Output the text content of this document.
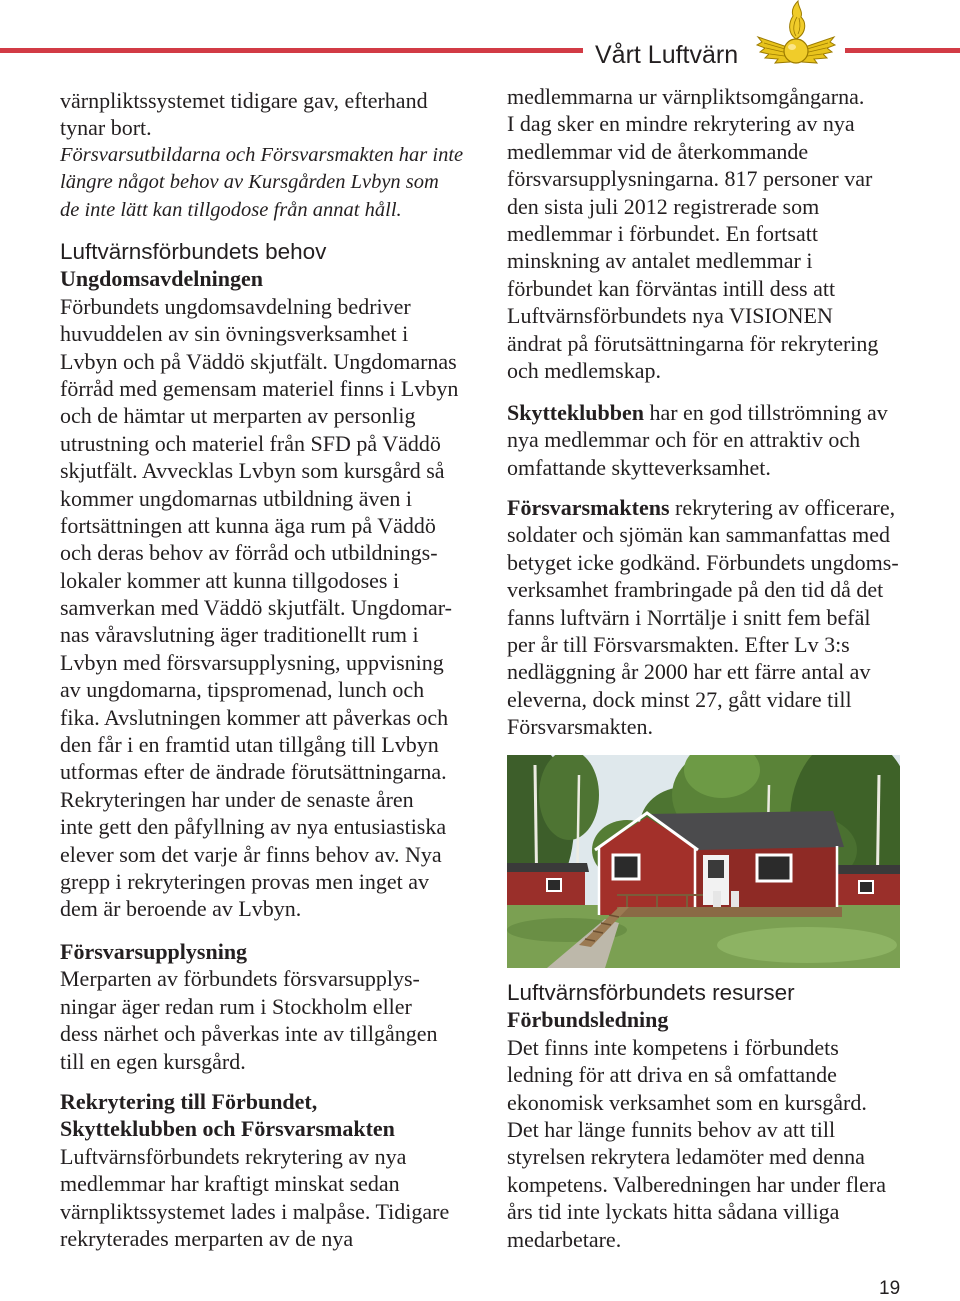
Vårt Luftvärn
värnpliktssystemet tidigare gav, efterhand
tynar bort.
Försvarsutbildarna och Försvarsmakten har inte
längre något behov av Kursgården Lvbyn som
de inte lätt kan tillgodose från annat håll.
Luftvärnsförbundets behov
Ungdomsavdelningen
Förbundets ungdomsavdelning bedriver
huvuddelen av sin övningsverksamhet i
Lvbyn och på Väddö skjutfält. Ungdomarnas
förråd med gemensam materiel finns i Lvbyn
och de hämtar ut merparten av personlig
utrustning och materiel från SFD på Väddö
skjutfält. Avvecklas Lvbyn som kursgård så
kommer ungdomarnas utbildning även i
fortsättningen att kunna äga rum på Väddö
och deras behov av förråd och utbildnings-
lokaler kommer att kunna tillgodoses i
samverkan med Väddö skjutfält. Ungdomar-
nas våravslutning äger traditionellt rum i
Lvbyn med försvarsupplysning, uppvisning
av ungdomarna, tipspromenad, lunch och
fika. Avslutningen kommer att påverkas och
den får i en framtid utan tillgång till Lvbyn
utformas efter de ändrade förutsättningarna.
Rekryteringen har under de senaste åren
inte gett den påfyllning av nya entusiastiska
elever som det varje år finns behov av. Nya
grepp i rekryteringen provas men inget av
dem är beroende av Lvbyn.
Försvarsupplysning
Merparten av förbundets försvarsupplys-
ningar äger redan rum i Stockholm eller
dess närhet och påverkas inte av tillgången
till en egen kursgård.
Rekrytering till Förbundet,
Skytteklubben och Försvarsmakten
Luftvärnsförbundets rekrytering av nya
medlemmar har kraftigt minskat sedan
värnpliktssystemet lades i malpåse. Tidigare
rekryterades merparten av de nya
medlemmarna ur värnpliktsomgångarna.
I dag sker en mindre rekrytering av nya
medlemmar vid de återkommande
försvarsupplysningarna. 817 personer var
den sista juli 2012 registrerade som
medlemmar i förbundet. En fortsatt
minskning av antalet medlemmar i
förbundet kan förväntas intill dess att
Luftvärnsförbundets nya VISIONEN
ändrat på förutsättningarna för rekrytering
och medlemskap.
Skytteklubben har en god tillströmning av
nya medlemmar och för en attraktiv och
omfattande skytteverksamhet.
Försvarsmaktens rekrytering av officerare,
soldater och sjömän kan sammanfattas med
betyget icke godkänd. Förbundets ungdoms-
verksamhet frambringade på den tid då det
fanns luftvärn i Norrtälje i snitt fem befäl
per år till Försvarsmakten. Efter Lv 3:s
nedläggning år 2000 har ett färre antal av
eleverna, dock minst 27, gått vidare till
Försvarsmakten.
Luftvärnsförbundets resurser
Förbundsledning
Det finns inte kompetens i förbundets
ledning för att driva en så omfattande
ekonomisk verksamhet som en kursgård.
Det har länge funnits behov av att till
styrelsen rekrytera ledamöter med denna
kompetens. Valberedningen har under flera
års tid inte lyckats hitta sådana villiga
medarbetare.
19
